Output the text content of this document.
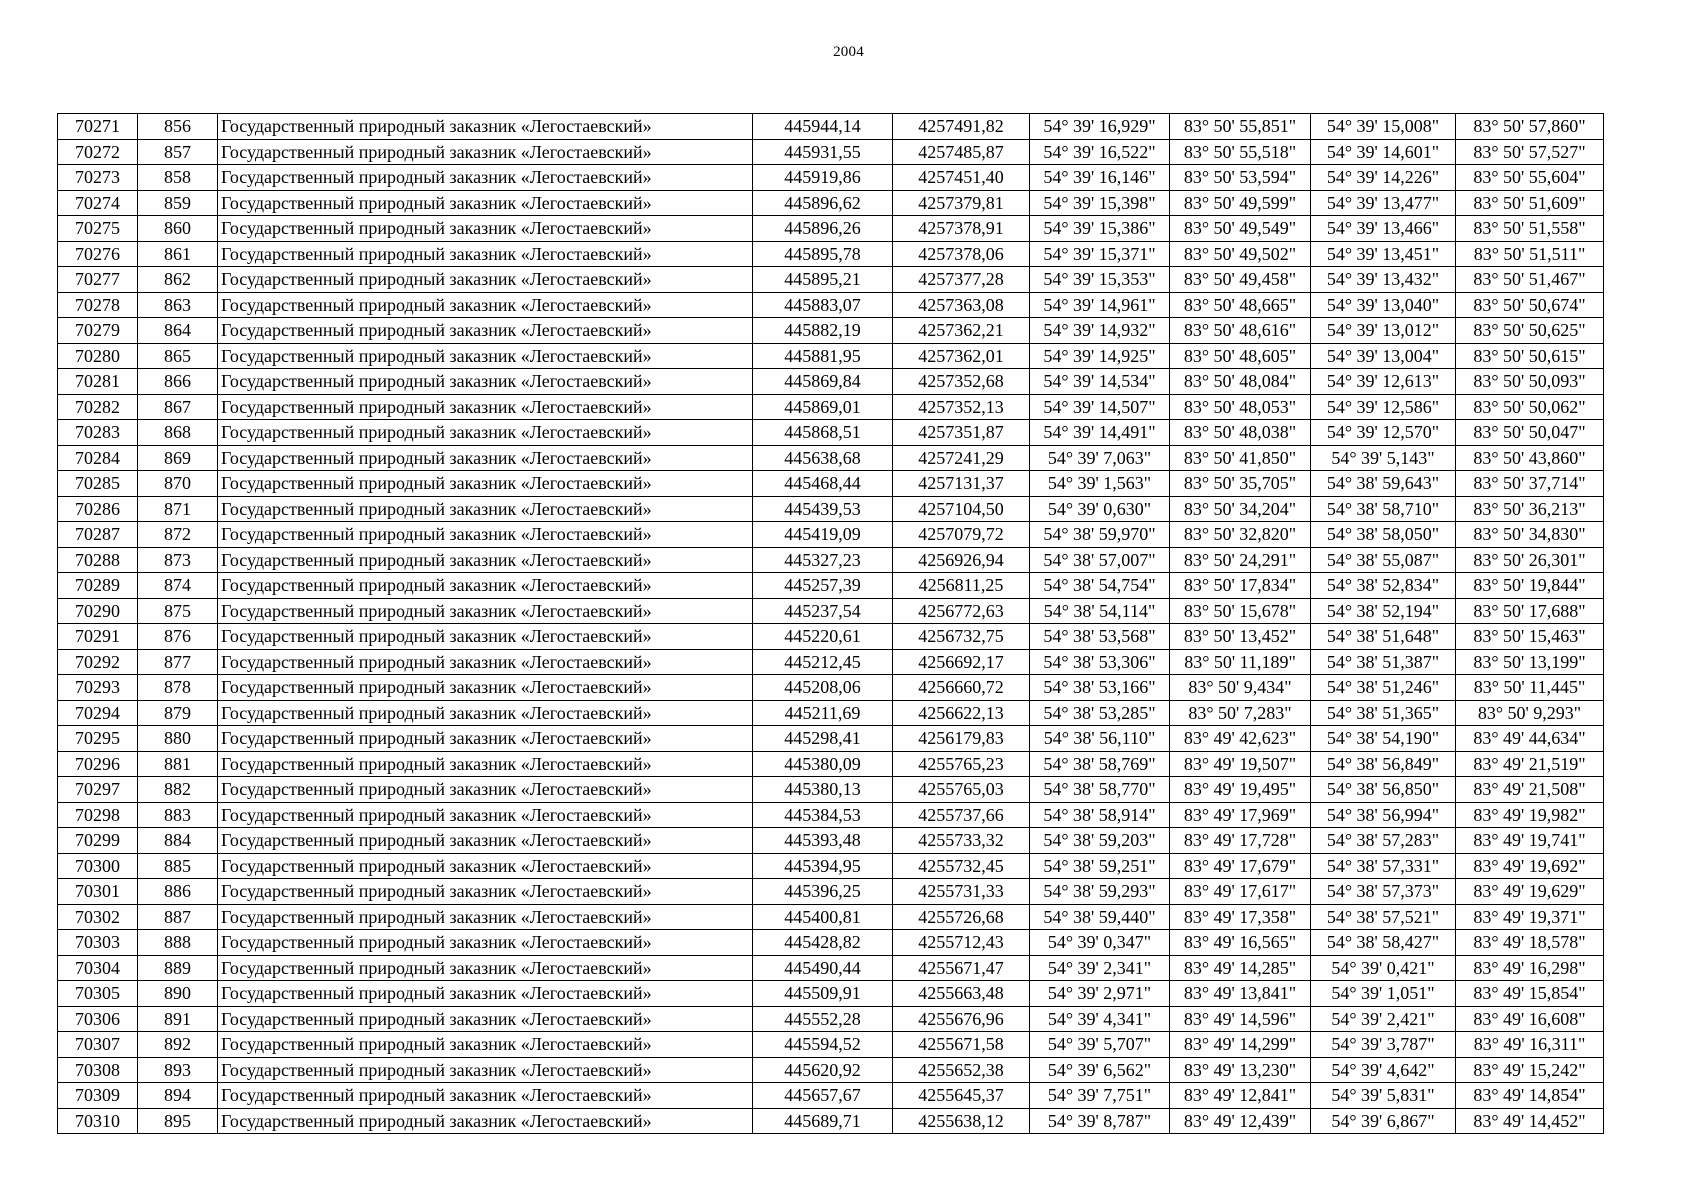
2004
70271	856	Государственный природный заказник «Легостаевский»	445944,14	4257491,82	54° 39' 16,929"	83° 50' 55,851"	54° 39' 15,008"	83° 50' 57,860"
70272	857	Государственный природный заказник «Легостаевский»	445931,55	4257485,87	54° 39' 16,522"	83° 50' 55,518"	54° 39' 14,601"	83° 50' 57,527"
70273	858	Государственный природный заказник «Легостаевский»	445919,86	4257451,40	54° 39' 16,146"	83° 50' 53,594"	54° 39' 14,226"	83° 50' 55,604"
70274	859	Государственный природный заказник «Легостаевский»	445896,62	4257379,81	54° 39' 15,398"	83° 50' 49,599"	54° 39' 13,477"	83° 50' 51,609"
70275	860	Государственный природный заказник «Легостаевский»	445896,26	4257378,91	54° 39' 15,386"	83° 50' 49,549"	54° 39' 13,466"	83° 50' 51,558"
70276	861	Государственный природный заказник «Легостаевский»	445895,78	4257378,06	54° 39' 15,371"	83° 50' 49,502"	54° 39' 13,451"	83° 50' 51,511"
70277	862	Государственный природный заказник «Легостаевский»	445895,21	4257377,28	54° 39' 15,353"	83° 50' 49,458"	54° 39' 13,432"	83° 50' 51,467"
70278	863	Государственный природный заказник «Легостаевский»	445883,07	4257363,08	54° 39' 14,961"	83° 50' 48,665"	54° 39' 13,040"	83° 50' 50,674"
70279	864	Государственный природный заказник «Легостаевский»	445882,19	4257362,21	54° 39' 14,932"	83° 50' 48,616"	54° 39' 13,012"	83° 50' 50,625"
70280	865	Государственный природный заказник «Легостаевский»	445881,95	4257362,01	54° 39' 14,925"	83° 50' 48,605"	54° 39' 13,004"	83° 50' 50,615"
70281	866	Государственный природный заказник «Легостаевский»	445869,84	4257352,68	54° 39' 14,534"	83° 50' 48,084"	54° 39' 12,613"	83° 50' 50,093"
70282	867	Государственный природный заказник «Легостаевский»	445869,01	4257352,13	54° 39' 14,507"	83° 50' 48,053"	54° 39' 12,586"	83° 50' 50,062"
70283	868	Государственный природный заказник «Легостаевский»	445868,51	4257351,87	54° 39' 14,491"	83° 50' 48,038"	54° 39' 12,570"	83° 50' 50,047"
70284	869	Государственный природный заказник «Легостаевский»	445638,68	4257241,29	54° 39' 7,063"	83° 50' 41,850"	54° 39' 5,143"	83° 50' 43,860"
70285	870	Государственный природный заказник «Легостаевский»	445468,44	4257131,37	54° 39' 1,563"	83° 50' 35,705"	54° 38' 59,643"	83° 50' 37,714"
70286	871	Государственный природный заказник «Легостаевский»	445439,53	4257104,50	54° 39' 0,630"	83° 50' 34,204"	54° 38' 58,710"	83° 50' 36,213"
70287	872	Государственный природный заказник «Легостаевский»	445419,09	4257079,72	54° 38' 59,970"	83° 50' 32,820"	54° 38' 58,050"	83° 50' 34,830"
70288	873	Государственный природный заказник «Легостаевский»	445327,23	4256926,94	54° 38' 57,007"	83° 50' 24,291"	54° 38' 55,087"	83° 50' 26,301"
70289	874	Государственный природный заказник «Легостаевский»	445257,39	4256811,25	54° 38' 54,754"	83° 50' 17,834"	54° 38' 52,834"	83° 50' 19,844"
70290	875	Государственный природный заказник «Легостаевский»	445237,54	4256772,63	54° 38' 54,114"	83° 50' 15,678"	54° 38' 52,194"	83° 50' 17,688"
70291	876	Государственный природный заказник «Легостаевский»	445220,61	4256732,75	54° 38' 53,568"	83° 50' 13,452"	54° 38' 51,648"	83° 50' 15,463"
70292	877	Государственный природный заказник «Легостаевский»	445212,45	4256692,17	54° 38' 53,306"	83° 50' 11,189"	54° 38' 51,387"	83° 50' 13,199"
70293	878	Государственный природный заказник «Легостаевский»	445208,06	4256660,72	54° 38' 53,166"	83° 50' 9,434"	54° 38' 51,246"	83° 50' 11,445"
70294	879	Государственный природный заказник «Легостаевский»	445211,69	4256622,13	54° 38' 53,285"	83° 50' 7,283"	54° 38' 51,365"	83° 50' 9,293"
70295	880	Государственный природный заказник «Легостаевский»	445298,41	4256179,83	54° 38' 56,110"	83° 49' 42,623"	54° 38' 54,190"	83° 49' 44,634"
70296	881	Государственный природный заказник «Легостаевский»	445380,09	4255765,23	54° 38' 58,769"	83° 49' 19,507"	54° 38' 56,849"	83° 49' 21,519"
70297	882	Государственный природный заказник «Легостаевский»	445380,13	4255765,03	54° 38' 58,770"	83° 49' 19,495"	54° 38' 56,850"	83° 49' 21,508"
70298	883	Государственный природный заказник «Легостаевский»	445384,53	4255737,66	54° 38' 58,914"	83° 49' 17,969"	54° 38' 56,994"	83° 49' 19,982"
70299	884	Государственный природный заказник «Легостаевский»	445393,48	4255733,32	54° 38' 59,203"	83° 49' 17,728"	54° 38' 57,283"	83° 49' 19,741"
70300	885	Государственный природный заказник «Легостаевский»	445394,95	4255732,45	54° 38' 59,251"	83° 49' 17,679"	54° 38' 57,331"	83° 49' 19,692"
70301	886	Государственный природный заказник «Легостаевский»	445396,25	4255731,33	54° 38' 59,293"	83° 49' 17,617"	54° 38' 57,373"	83° 49' 19,629"
70302	887	Государственный природный заказник «Легостаевский»	445400,81	4255726,68	54° 38' 59,440"	83° 49' 17,358"	54° 38' 57,521"	83° 49' 19,371"
70303	888	Государственный природный заказник «Легостаевский»	445428,82	4255712,43	54° 39' 0,347"	83° 49' 16,565"	54° 38' 58,427"	83° 49' 18,578"
70304	889	Государственный природный заказник «Легостаевский»	445490,44	4255671,47	54° 39' 2,341"	83° 49' 14,285"	54° 39' 0,421"	83° 49' 16,298"
70305	890	Государственный природный заказник «Легостаевский»	445509,91	4255663,48	54° 39' 2,971"	83° 49' 13,841"	54° 39' 1,051"	83° 49' 15,854"
70306	891	Государственный природный заказник «Легостаевский»	445552,28	4255676,96	54° 39' 4,341"	83° 49' 14,596"	54° 39' 2,421"	83° 49' 16,608"
70307	892	Государственный природный заказник «Легостаевский»	445594,52	4255671,58	54° 39' 5,707"	83° 49' 14,299"	54° 39' 3,787"	83° 49' 16,311"
70308	893	Государственный природный заказник «Легостаевский»	445620,92	4255652,38	54° 39' 6,562"	83° 49' 13,230"	54° 39' 4,642"	83° 49' 15,242"
70309	894	Государственный природный заказник «Легостаевский»	445657,67	4255645,37	54° 39' 7,751"	83° 49' 12,841"	54° 39' 5,831"	83° 49' 14,854"
70310	895	Государственный природный заказник «Легостаевский»	445689,71	4255638,12	54° 39' 8,787"	83° 49' 12,439"	54° 39' 6,867"	83° 49' 14,452"
